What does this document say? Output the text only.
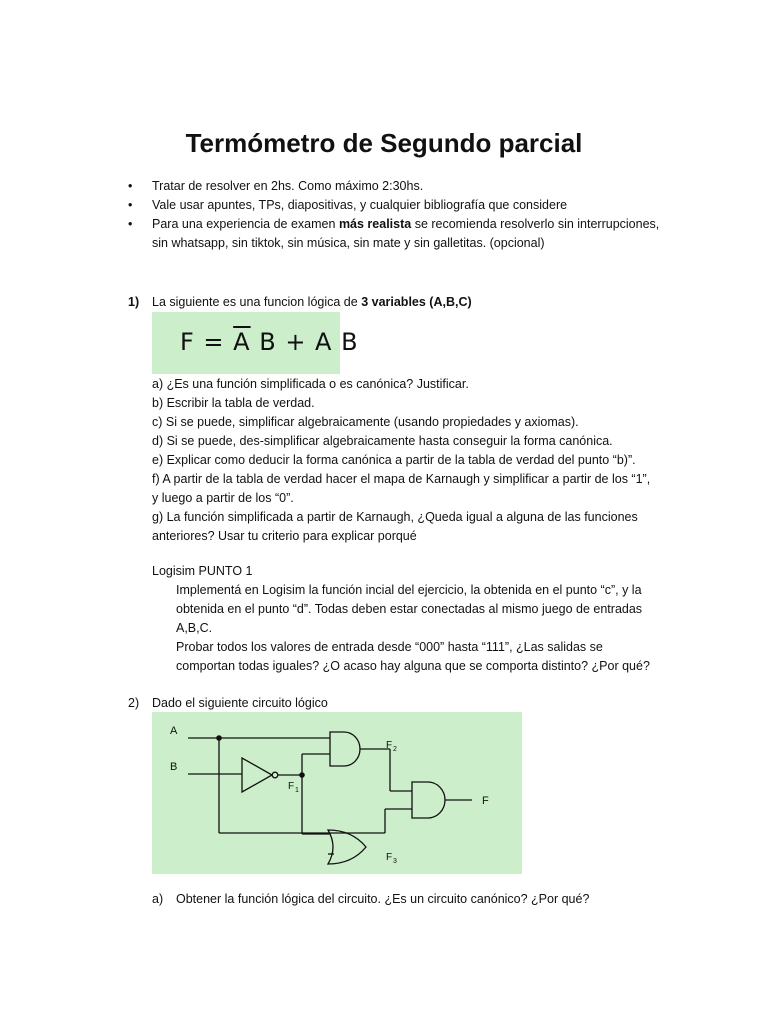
Termómetro de Segundo parcial
• Tratar de resolver en 2hs. Como máximo 2:30hs.
• Vale usar apuntes, TPs, diapositivas, y cualquier bibliografía que considere
• Para una experiencia de examen más realista se recomienda resolverlo sin interrupciones,
sin whatsapp, sin tiktok, sin música, sin mate y sin galletitas. (opcional)
1) La siguiente es una funcion lógica de 3 variables (A,B,C)
$F = \overline{A}$ B + A B
a) ¿Es una función simplificada o es canónica? Justificar.
b) Escribir la tabla de verdad.
c) Si se puede, simplificar algebraicamente (usando propiedades y axiomas).
d) Si se puede, des-simplificar algebraicamente hasta conseguir la forma canónica.
e) Explicar como deducir la forma canónica a partir de la tabla de verdad del punto “b)”.
f) A partir de la tabla de verdad hacer el mapa de Karnaugh y simplificar a partir de los “1”,
y luego a partir de los “0”.
g) La función simplificada a partir de Karnaugh, ¿Queda igual a alguna de las funciones
anteriores? Usar tu criterio para explicar porqué
Logisim PUNTO 1
Implementá en Logisim la función incial del ejercicio, la obtenida en el punto “c”, y la
obtenida en el punto “d”. Todas deben estar conectadas al mismo juego de entradas
A,B,C.
Probar todos los valores de entrada desde “000” hasta “111”, ¿Las salidas se
comportan todas iguales? ¿O acaso hay alguna que se comporta distinto? ¿Por qué?
2) Dado el siguiente circuito lógico
A
B
F 1
F 2
F 3
F
a) Obtener la función lógica del circuito. ¿Es un circuito canónico? ¿Por qué?
